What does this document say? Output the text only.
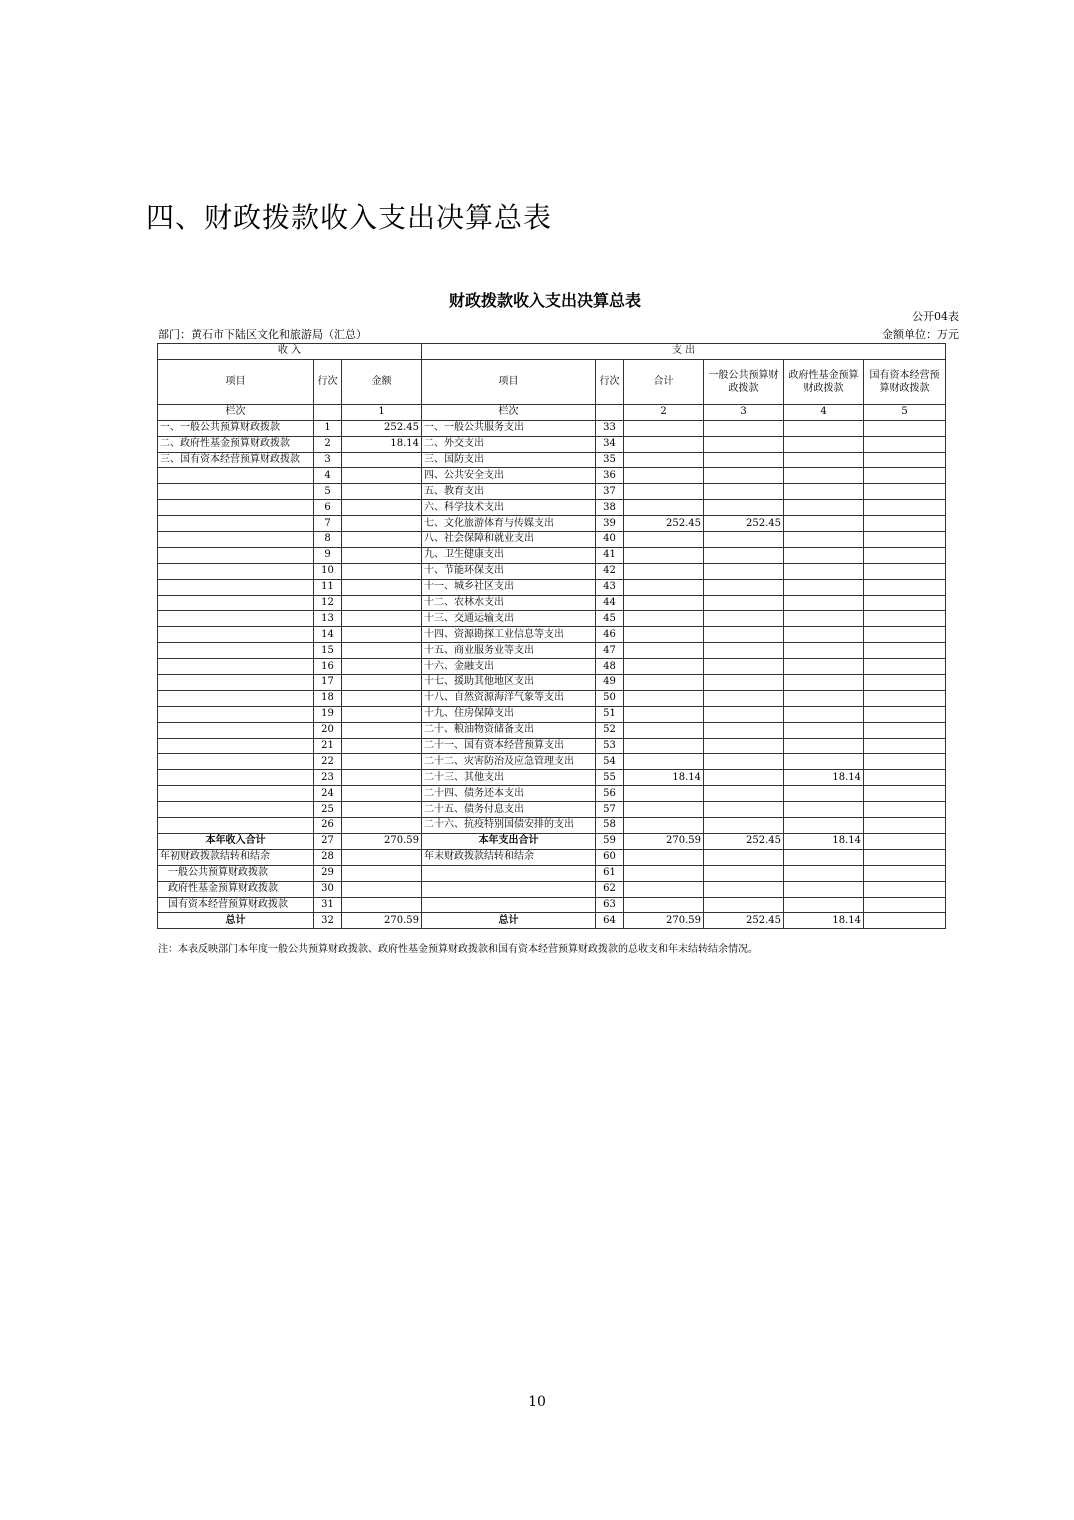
四、财政拨款收入支出决算总表
财政拨款收入支出决算总表
公开04表
部门：黄石市下陆区文化和旅游局（汇总）	金额单位：万元
收 入			支 出					
项目	行次	金额	项目	行次	合计	一般公共预算财政拨款	政府性基金预算财政拨款	国有资本经营预算财政拨款
栏次		1	栏次		2	3	4	5
一、一般公共预算财政拨款	1	252.45	一、一般公共服务支出	33				
二、政府性基金预算财政拨款	2	18.14	二、外交支出	34				
三、国有资本经营预算财政拨款	3		三、国防支出	35				
	4		四、公共安全支出	36				
	5		五、教育支出	37				
	6		六、科学技术支出	38				
	7		七、文化旅游体育与传媒支出	39	252.45	252.45		
	8		八、社会保障和就业支出	40				
	9		九、卫生健康支出	41				
	10		十、节能环保支出	42				
	11		十一、城乡社区支出	43				
	12		十二、农林水支出	44				
	13		十三、交通运输支出	45				
	14		十四、资源勘探工业信息等支出	46				
	15		十五、商业服务业等支出	47				
	16		十六、金融支出	48				
	17		十七、援助其他地区支出	49				
	18		十八、自然资源海洋气象等支出	50				
	19		十九、住房保障支出	51				
	20		二十、粮油物资储备支出	52				
	21		二十一、国有资本经营预算支出	53				
	22		二十二、灾害防治及应急管理支出	54				
	23		二十三、其他支出	55	18.14		18.14	
	24		二十四、债务还本支出	56				
	25		二十五、债务付息支出	57				
	26		二十六、抗疫特别国债安排的支出	58				
本年收入合计	27	270.59	本年支出合计	59	270.59	252.45	18.14	
年初财政拨款结转和结余	28		年末财政拨款结转和结余	60				
一般公共预算财政拨款	29			61				
政府性基金预算财政拨款	30			62				
国有资本经营预算财政拨款	31			63				
总计	32	270.59	总计	64	270.59	252.45	18.14	
注：本表反映部门本年度一般公共预算财政拨款、政府性基金预算财政拨款和国有资本经营预算财政拨款的总收支和年末结转结余情况。
10
